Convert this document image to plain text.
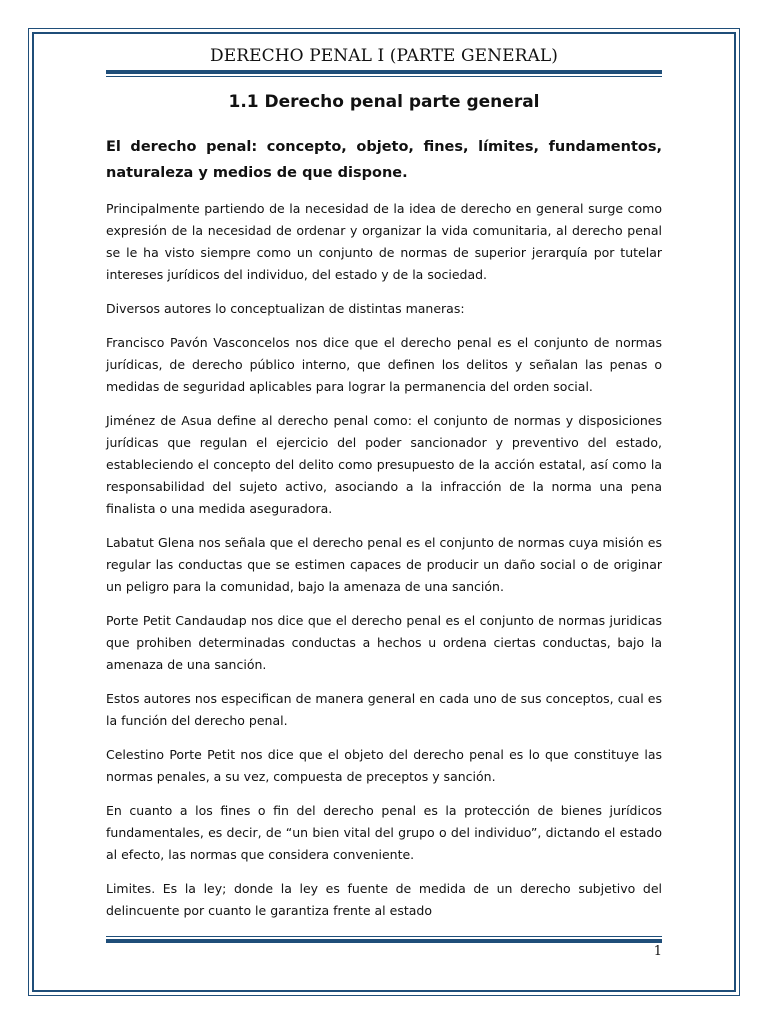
DERECHO PENAL I (PARTE GENERAL)
1.1 Derecho penal parte general
El derecho penal: concepto, objeto, fines, límites, fundamentos, naturaleza y medios de que dispone.

Principalmente partiendo de la necesidad de la idea de derecho en general surge como expresión de la necesidad de ordenar y organizar la vida comunitaria, al derecho penal se le ha visto siempre como un conjunto de normas de superior jerarquía por tutelar intereses jurídicos del individuo, del estado y de la sociedad.

Diversos autores lo conceptualizan de distintas maneras:

Francisco Pavón Vasconcelos nos dice que el derecho penal es el conjunto de normas jurídicas, de derecho público interno, que definen los delitos y señalan las penas o medidas de seguridad aplicables para lograr la permanencia del orden social.

Jiménez de Asua define al derecho penal como: el conjunto de normas y disposiciones jurídicas que regulan el ejercicio del poder sancionador y preventivo del estado, estableciendo el concepto del delito como presupuesto de la acción estatal, así como la responsabilidad del sujeto activo, asociando a la infracción de la norma una pena finalista o una medida aseguradora.

Labatut Glena nos señala que el derecho penal es el conjunto de normas cuya misión es regular las conductas que se estimen capaces de producir un daño social o de originar un peligro para la comunidad, bajo la amenaza de una sanción.

Porte Petit Candaudap nos dice que el derecho penal es el conjunto de normas juridicas que prohiben determinadas conductas a hechos u ordena ciertas conductas, bajo la amenaza de una sanción.

Estos autores nos especifican de manera general en cada uno de sus conceptos, cual es la función del derecho penal.

Celestino Porte Petit nos dice que el objeto del derecho penal es lo que constituye las normas penales, a su vez, compuesta de preceptos y sanción.

En cuanto a los fines o fin del derecho penal es la protección de bienes jurídicos fundamentales, es decir, de “un bien vital del grupo o del individuo”, dictando el estado al efecto, las normas que considera conveniente.

Limites. Es la ley; donde la ley es fuente de medida de un derecho subjetivo del delincuente por cuanto le garantiza frente al estado

1
